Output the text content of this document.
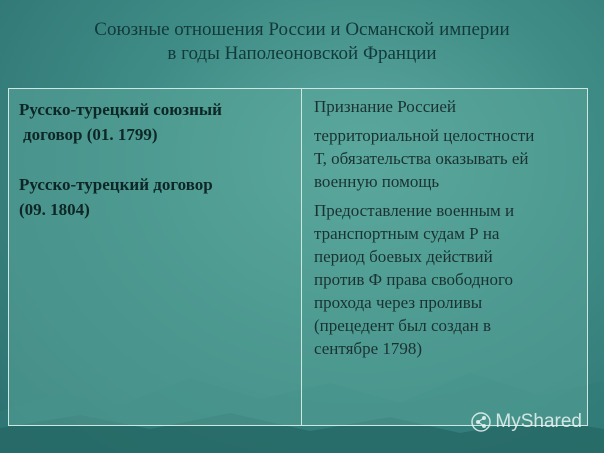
Союзные отношения России и Османской империи
в годы Наполеоновской Франции
Русско-турецкий союзный
договор (01. 1799)
Русско-турецкий договор
(09. 1804)
Признание Россией
территориальной целостности
Т, обязательства оказывать ей
военную помощь
Предоставление военным и
транспортным судам Р на
период боевых действий
против Ф права свободного
прохода через проливы
(прецедент был создан в
сентябре 1798)
MyShared
